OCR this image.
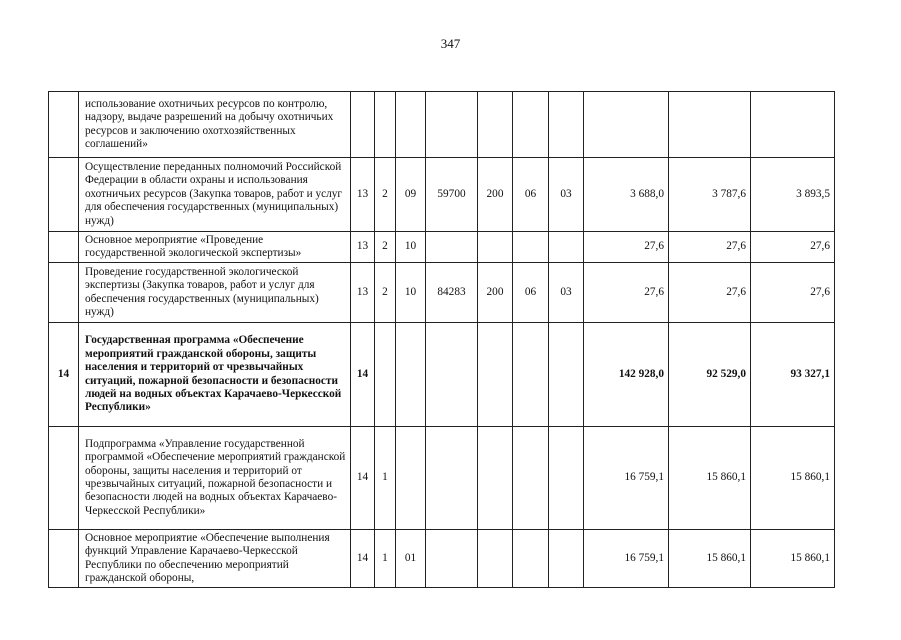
347
	использование охотничьих ресурсов по контролю, надзору, выдаче разрешений на добычу охотничьих ресурсов и заключению охотхозяйственных соглашений»										
	Осуществление переданных полномочий Российской Федерации в области охраны и использования охотничьих ресурсов (Закупка товаров, работ и услуг для обеспечения государственных (муниципальных) нужд)	13	2	09	59700	200	06	03	3 688,0	3 787,6	3 893,5
	Основное мероприятие «Проведение государственной экологической экспертизы»	13	2	10					27,6	27,6	27,6
	Проведение государственной экологической экспертизы (Закупка товаров, работ и услуг для обеспечения государственных (муниципальных) нужд)	13	2	10	84283	200	06	03	27,6	27,6	27,6
14	Государственная программа «Обеспечение мероприятий гражданской обороны, защиты населения и территорий от чрезвычайных ситуаций, пожарной безопасности и безопасности людей на водных объектах Карачаево-Черкесской Республики»	14							142 928,0	92 529,0	93 327,1
	Подпрограмма «Управление государственной программой «Обеспечение мероприятий гражданской обороны, защиты населения и территорий от чрезвычайных ситуаций, пожарной безопасности и безопасности людей на водных объектах Карачаево-Черкесской Республики»	14	1						16 759,1	15 860,1	15 860,1
	Основное мероприятие «Обеспечение выполнения функций Управление Карачаево-Черкесской Республики по обеспечению мероприятий гражданской обороны,	14	1	01					16 759,1	15 860,1	15 860,1
